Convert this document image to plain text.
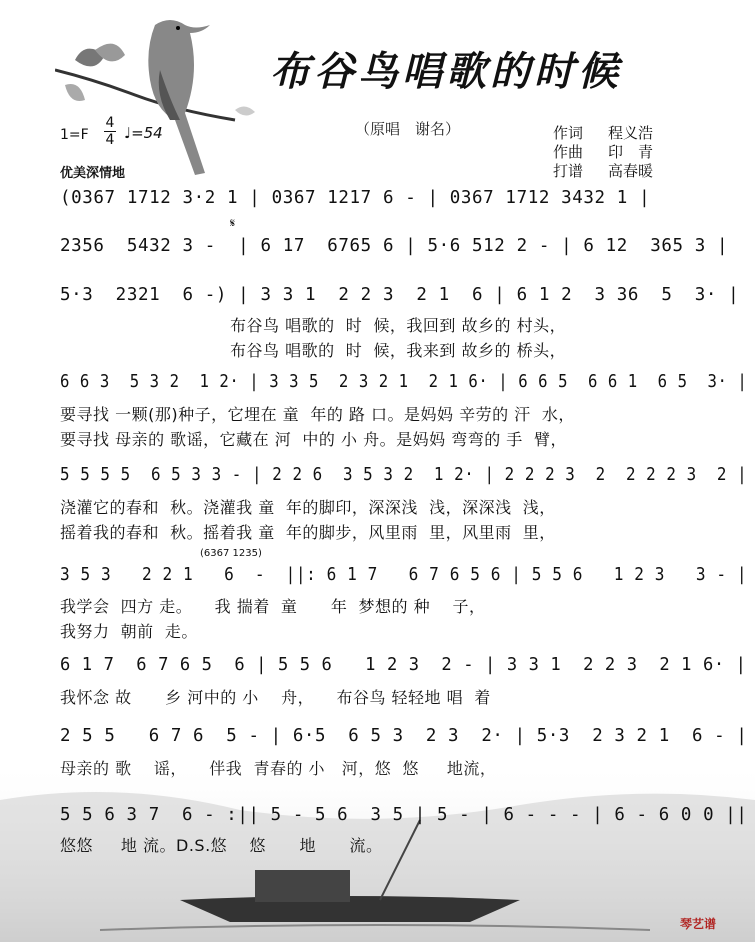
布谷鸟唱歌的时候
（原唱　谢名）	作词 程义浩
作曲 印　青
打谱 高春暖
1=F
4
4 ♩=54
优美深情地
(0367 1712 3·2 1 | 0367 1217 6 - | 0367 1712 3432 1 |
𝄋
2356  5432 3 -  | 6 17  6765 6 | 5·6 512 2 - | 6 12  365 3 |
5·3  2321  6 -) | 3 3 1  2 2 3  2 1  6 | 6 1 2  3 36  5  3· |
布谷鸟 唱歌的  时  候，我回到 故乡的 村头，
布谷鸟 唱歌的  时  候，我来到 故乡的 桥头，
6 6 3  5 3 2  1 2· | 3 3 5  2 3 2 1  2 1 6· | 6 6 5  6 6 1  6 5  3· |
要寻找 一颗(那)种子，它埋在 童  年的 路 口。是妈妈 辛劳的 汗  水，
要寻找 母亲的 歌谣，它藏在 河  中的 小 舟。是妈妈 弯弯的 手  臂，
5 5 5 5  6 5 3 3 - | 2 2 6  3 5 3 2  1 2· | 2 2 2 3  2  2 2 2 3  2 |
浇灌它的春和  秋。浇灌我 童  年的脚印，深深浅  浅，深深浅  浅，
摇着我的春和  秋。摇着我 童  年的脚步，风里雨  里，风里雨  里，
(6367 1235)
3 5 3   2 2 1   6  -  ||: 6 1 7   6 7 6 5 6 | 5 5 6   1 2 3   3 - |
我学会  四方 走。    我 揣着  童      年  梦想的 种    子，
我努力  朝前  走。
6 1 7  6 7 6 5  6 | 5 5 6   1 2 3  2 - | 3 3 1  2 2 3  2 1 6· |
我怀念 故      乡 河中的 小    舟，    布谷鸟 轻轻地 唱  着
2 5 5   6 7 6  5 - | 6·5  6 5 3  2 3  2· | 5·3  2 3 2 1  6 - |
5 5 6 3 7  6 - :|| 5 - 5 6  3 5 | 5 - | 6 - - - | 6 - 6 0 0 ||
悠悠     地 流。D.S.悠    悠      地      流。
琴艺谱
